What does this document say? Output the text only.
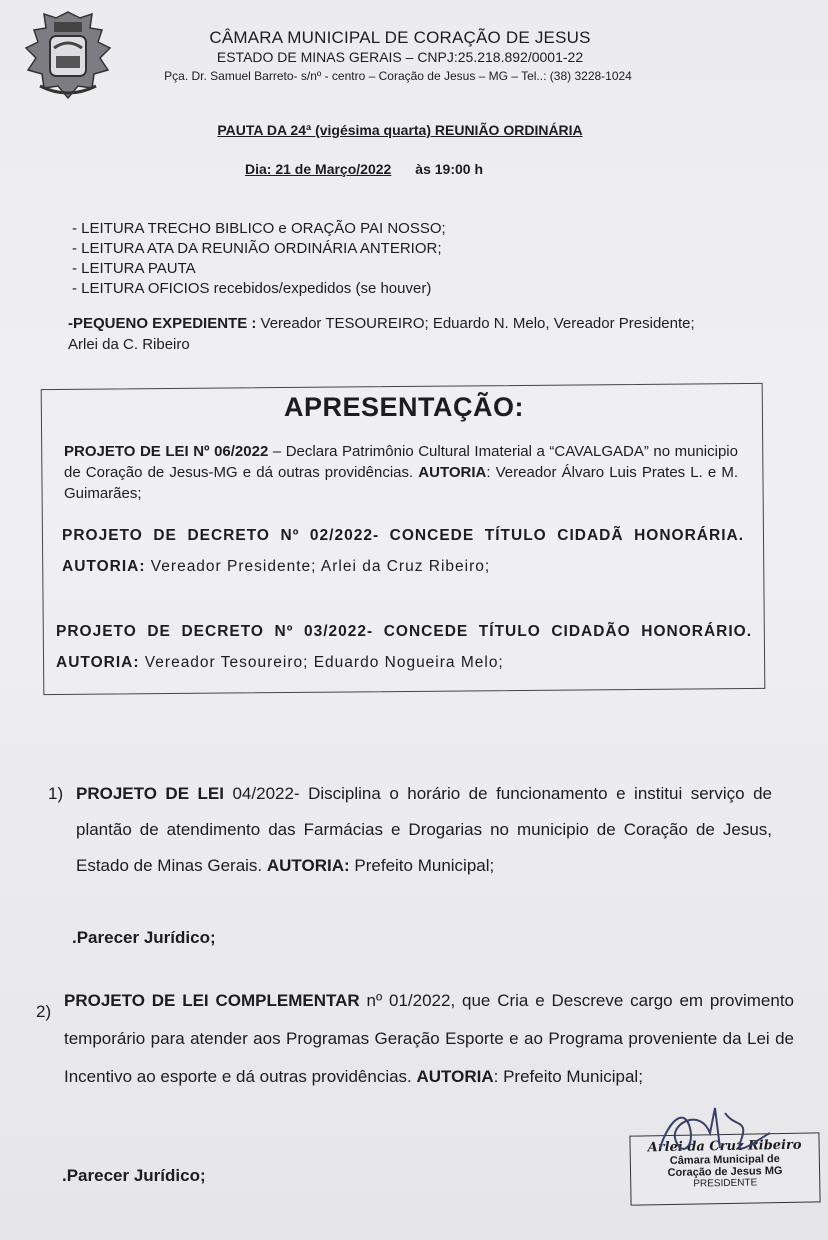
CÂMARA MUNICIPAL DE CORAÇÃO DE JESUS
ESTADO DE MINAS GERAIS – CNPJ:25.218.892/0001-22
Pça. Dr. Samuel Barreto- s/nº - centro – Coração de Jesus – MG – Tel..: (38) 3228-1024
PAUTA DA 24ª (vigésima quarta) REUNIÃO ORDINÁRIA
Dia: 21 de Março/2022 às 19:00 h
- LEITURA TRECHO BIBLICO e ORAÇÃO PAI NOSSO;
- LEITURA ATA DA REUNIÃO ORDINÁRIA ANTERIOR;
- LEITURA PAUTA
- LEITURA OFICIOS recebidos/expedidos (se houver)
-PEQUENO EXPEDIENTE : Vereador TESOUREIRO; Eduardo N. Melo, Vereador Presidente; Arlei da C. Ribeiro
APRESENTAÇÃO:
PROJETO DE LEI Nº 06/2022 – Declara Patrimônio Cultural Imaterial a “CAVALGADA” no municipio de Coração de Jesus-MG e dá outras providências. AUTORIA: Vereador Álvaro Luis Prates L. e M. Guimarães;
PROJETO DE DECRETO Nº 02/2022- CONCEDE TÍTULO CIDADÃ HONORÁRIA. AUTORIA: Vereador Presidente; Arlei da Cruz Ribeiro;
PROJETO DE DECRETO Nº 03/2022- CONCEDE TÍTULO CIDADÃO HONORÁRIO. AUTORIA: Vereador Tesoureiro; Eduardo Nogueira Melo;
1) PROJETO DE LEI 04/2022- Disciplina o horário de funcionamento e institui serviço de plantão de atendimento das Farmácias e Drogarias no municipio de Coração de Jesus, Estado de Minas Gerais. AUTORIA: Prefeito Municipal;
.Parecer Jurídico;
2)
PROJETO DE LEI COMPLEMENTAR nº 01/2022, que Cria e Descreve cargo em provimento temporário para atender aos Programas Geração Esporte e ao Programa proveniente da Lei de Incentivo ao esporte e dá outras providências. AUTORIA: Prefeito Municipal;
.Parecer Jurídico;
Arlei da Cruz Ribeiro
Câmara Municipal de
Coração de Jesus MG
PRESIDENTE
